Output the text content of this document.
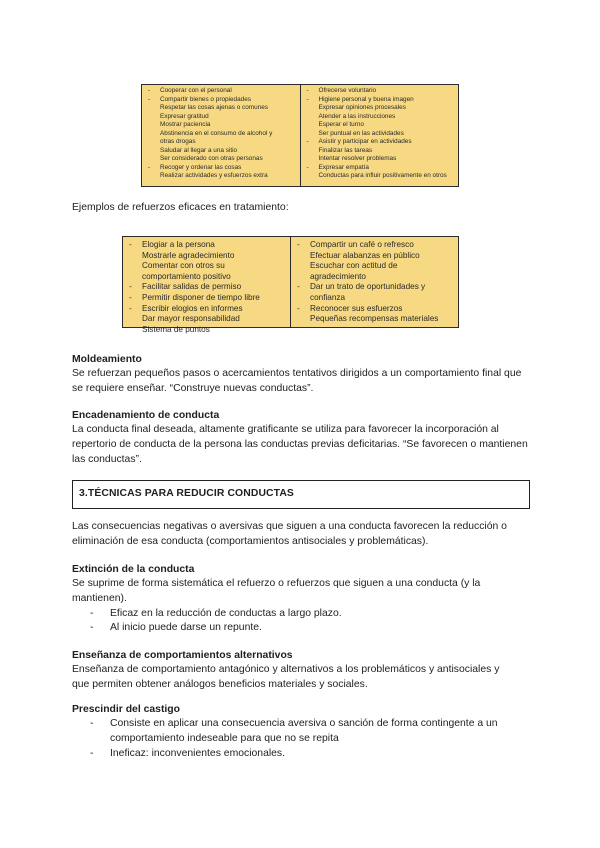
-	Cooperar con el personal
-	Compartir bienes o propiedades
Respetar las cosas ajenas o comunes
Expresar gratitud
Mostrar paciencia
Abstinencia en el consumo de alcohol y
otras drogas
Saludar al llegar a una sitio
Ser considerado con otras personas
-	Recoger y ordenar las cosas
Realizar actividades y esfuerzos extra
-	Ofrecerse voluntario
-	Higiene personal y buena imagen
Expresar opiniones procesales
Atender a las instrucciones
Esperar el turno
Ser puntual en las actividades
-	Asistir y participar en actividades
Finalizar las tareas
Intentar resolver problemas
-	Expresar empatía
Conductas para influir positivamente en otros

Ejemplos de refuerzos eficaces en tratamiento:

-	Elogiar a la persona
Mostrarle agradecimiento
Comentar con otros su
comportamiento positivo
-	Facilitar salidas de permiso
-	Permitir disponer de tiempo libre
-	Escribir elogios en informes
Dar mayor responsabilidad
Sistema de puntos
-	Compartir un café o refresco
Efectuar alabanzas en público
Escuchar con actitud de
agradecimiento
-	Dar un trato de oportunidades y
confianza
-	Reconocer sus esfuerzos
Pequeñas recompensas materiales
Moldeamiento

Se refuerzan pequeños pasos o acercamientos tentativos dirigidos a un comportamiento final que se requiere enseñar. “Construye nuevas conductas”.

Encadenamiento de conducta

La conducta final deseada, altamente gratificante se utiliza para favorecer la incorporación al repertorio de conducta de la persona las conductas previas deficitarias. “Se favorecen o mantienen las conductas”.

3.TÉCNICAS PARA REDUCIR CONDUCTAS

Las consecuencias negativas o aversivas que siguen a una conducta favorecen la reducción o eliminación de esa conducta (comportamientos antisociales y problemáticas).

Extinción de la conducta

Se suprime de forma sistemática el refuerzo o refuerzos que siguen a una conducta (y la mantienen).

- Eficaz en la reducción de conductas a largo plazo.
- Al inicio puede darse un repunte.
Enseñanza de comportamientos alternativos

Enseñanza de comportamiento antagónico y alternativos a los problemáticos y antisociales y que permiten obtener análogos beneficios materiales y sociales.

Prescindir del castigo
- Consiste en aplicar una consecuencia aversiva o sanción de forma contingente a un comportamiento indeseable para que no se repita
- Ineficaz: inconvenientes emocionales.
